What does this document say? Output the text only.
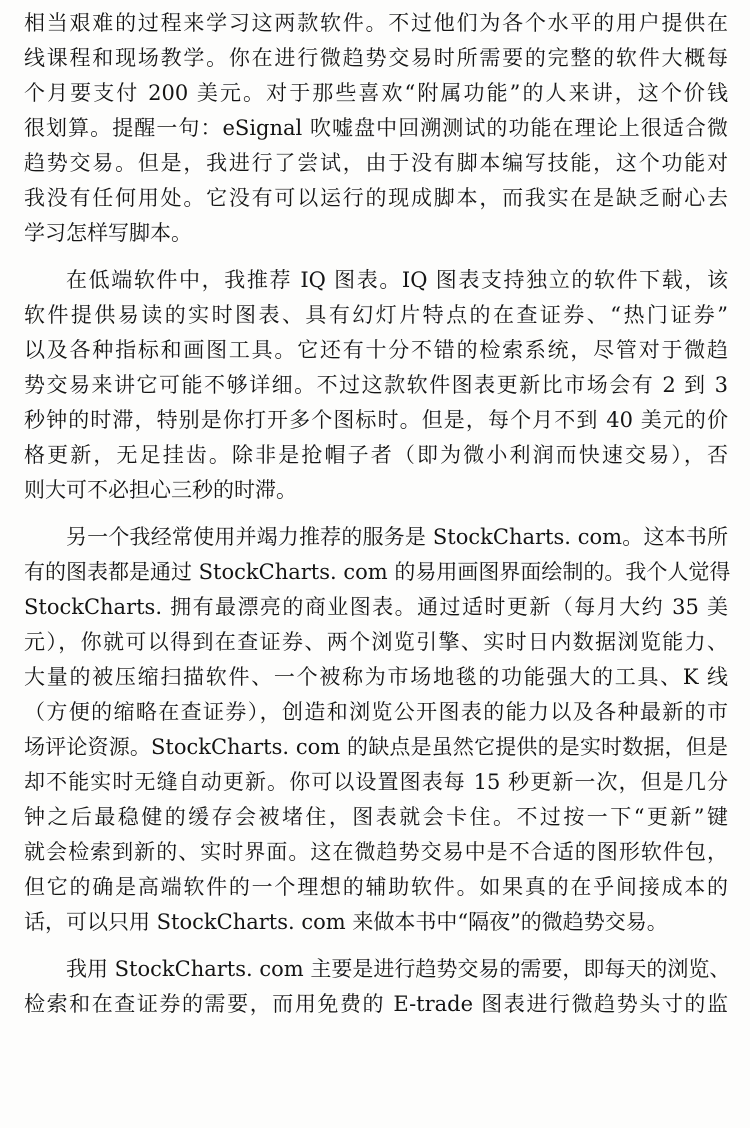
相当艰难的过程来学习这两款软件。不过他们为各个水平的用户提供在
线课程和现场教学。你在进行微趋势交易时所需要的完整的软件大概每
个月要支付 200 美元。对于那些喜欢“附属功能”的人来讲，这个价钱
很划算。提醒一句：eSignal 吹嘘盘中回溯测试的功能在理论上很适合微
趋势交易。但是，我进行了尝试，由于没有脚本编写技能，这个功能对
我没有任何用处。它没有可以运行的现成脚本，而我实在是缺乏耐心去
学习怎样写脚本。
在低端软件中，我推荐 IQ 图表。IQ 图表支持独立的软件下载，该
软件提供易读的实时图表、具有幻灯片特点的在查证券、“热门证券”
以及各种指标和画图工具。它还有十分不错的检索系统，尽管对于微趋
势交易来讲它可能不够详细。不过这款软件图表更新比市场会有 2 到 3
秒钟的时滞，特别是你打开多个图标时。但是，每个月不到 40 美元的价
格更新，无足挂齿。除非是抢帽子者（即为微小利润而快速交易），否
则大可不必担心三秒的时滞。
另一个我经常使用并竭力推荐的服务是 StockCharts. com。这本书所
有的图表都是通过 StockCharts. com 的易用画图界面绘制的。我个人觉得
StockCharts. 拥有最漂亮的商业图表。通过适时更新（每月大约 35 美
元），你就可以得到在查证券、两个浏览引擎、实时日内数据浏览能力、
大量的被压缩扫描软件、一个被称为市场地毯的功能强大的工具、K 线
（方便的缩略在查证券），创造和浏览公开图表的能力以及各种最新的市
场评论资源。StockCharts. com 的缺点是虽然它提供的是实时数据，但是
却不能实时无缝自动更新。你可以设置图表每 15 秒更新一次，但是几分
钟之后最稳健的缓存会被堵住，图表就会卡住。不过按一下“更新”键
就会检索到新的、实时界面。这在微趋势交易中是不合适的图形软件包，
但它的确是高端软件的一个理想的辅助软件。如果真的在乎间接成本的
话，可以只用 StockCharts. com 来做本书中“隔夜”的微趋势交易。
我用 StockCharts. com 主要是进行趋势交易的需要，即每天的浏览、
检索和在查证券的需要，而用免费的 E-trade 图表进行微趋势头寸的监
